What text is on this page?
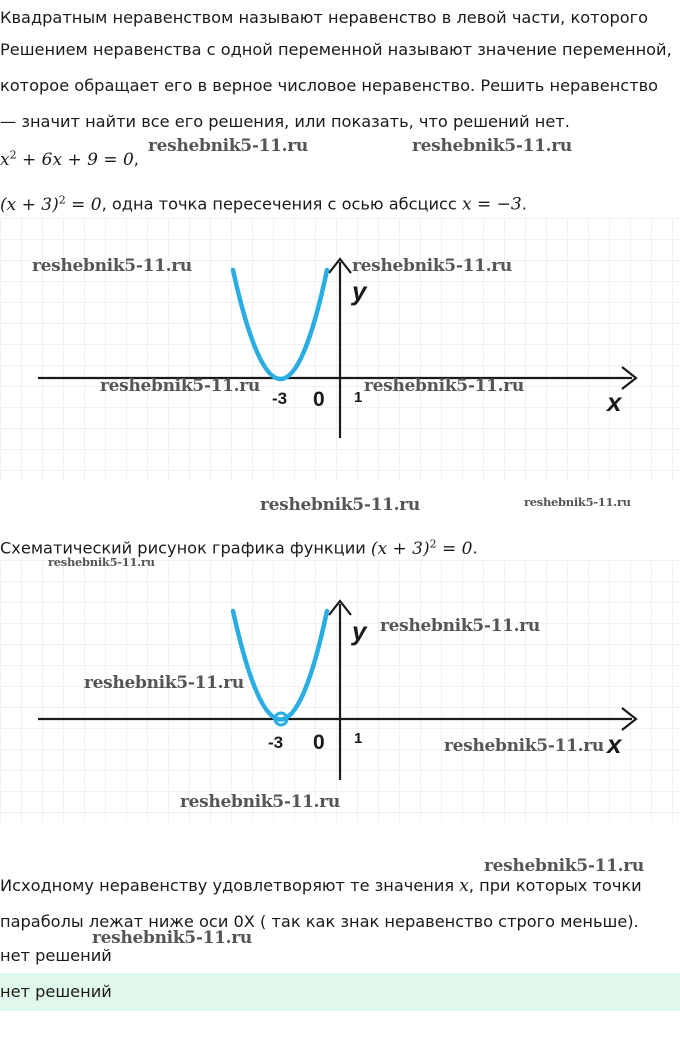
Квадратным неравенством называют неравенство в левой части, которого
Решением неравенства с одной переменной называют значение переменной,
которое обращает его в верное числовое неравенство. Решить неравенство
— значит найти все его решения, или показать, что решений нет.
$x^2 + 6x + 9 = 0$,
$(x + 3)^2 = 0$, одна точка пересечения с осью абсцисс x = −3.
y
x
-3 0 1
Схематический рисунок графика функции $(x + 3)^2 = 0$.
y
x
-3 0 1
Исходному неравенству удовлетворяют те значения x, при которых точки
параболы лежат ниже оси 0X ( так как знак неравенство строго меньше).
нет решений
нет решений
reshebnik5-11.ru	reshebnik5-11.ru
reshebnik5-11.ru	reshebnik5-11.ru
reshebnik5-11.ru	reshebnik5-11.ru
reshebnik5-11.ru	reshebnik5-11.ru
reshebnik5-11.ru
reshebnik5-11.ru
reshebnik5-11.ru
reshebnik5-11.ru
reshebnik5-11.ru
reshebnik5-11.ru
reshebnik5-11.ru
